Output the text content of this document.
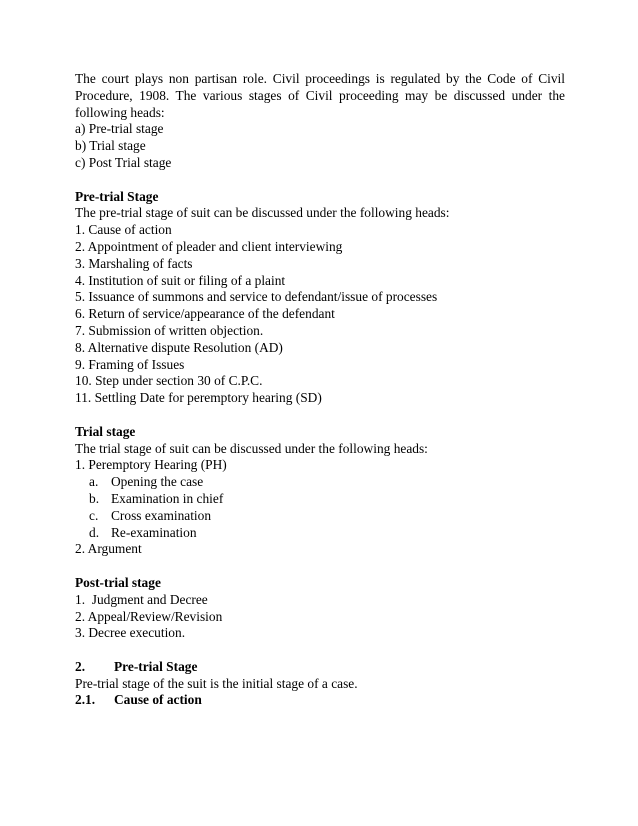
The court plays non partisan role. Civil proceedings is regulated by the Code of Civil Procedure, 1908. The various stages of Civil proceeding may be discussed under the following heads:

a) Pre-trial stage
b) Trial stage
c) Post Trial stage
Pre-trial Stage
The pre-trial stage of suit can be discussed under the following heads:
1. Cause of action
2. Appointment of pleader and client interviewing
3. Marshaling of facts
4. Institution of suit or filing of a plaint
5. Issuance of summons and service to defendant/issue of processes
6. Return of service/appearance of the defendant
7. Submission of written objection.
8. Alternative dispute Resolution (AD)
9. Framing of Issues
10. Step under section 30 of C.P.C.
11. Settling Date for peremptory hearing (SD)
Trial stage
The trial stage of suit can be discussed under the following heads:
1. Peremptory Hearing (PH)
a. Opening the case
b. Examination in chief
c. Cross examination
d. Re-examination
2. Argument
Post-trial stage
1.  Judgment and Decree
2. Appeal/Review/Revision
3. Decree execution.
2. Pre-trial Stage
Pre-trial stage of the suit is the initial stage of a case.
2.1. Cause of action
